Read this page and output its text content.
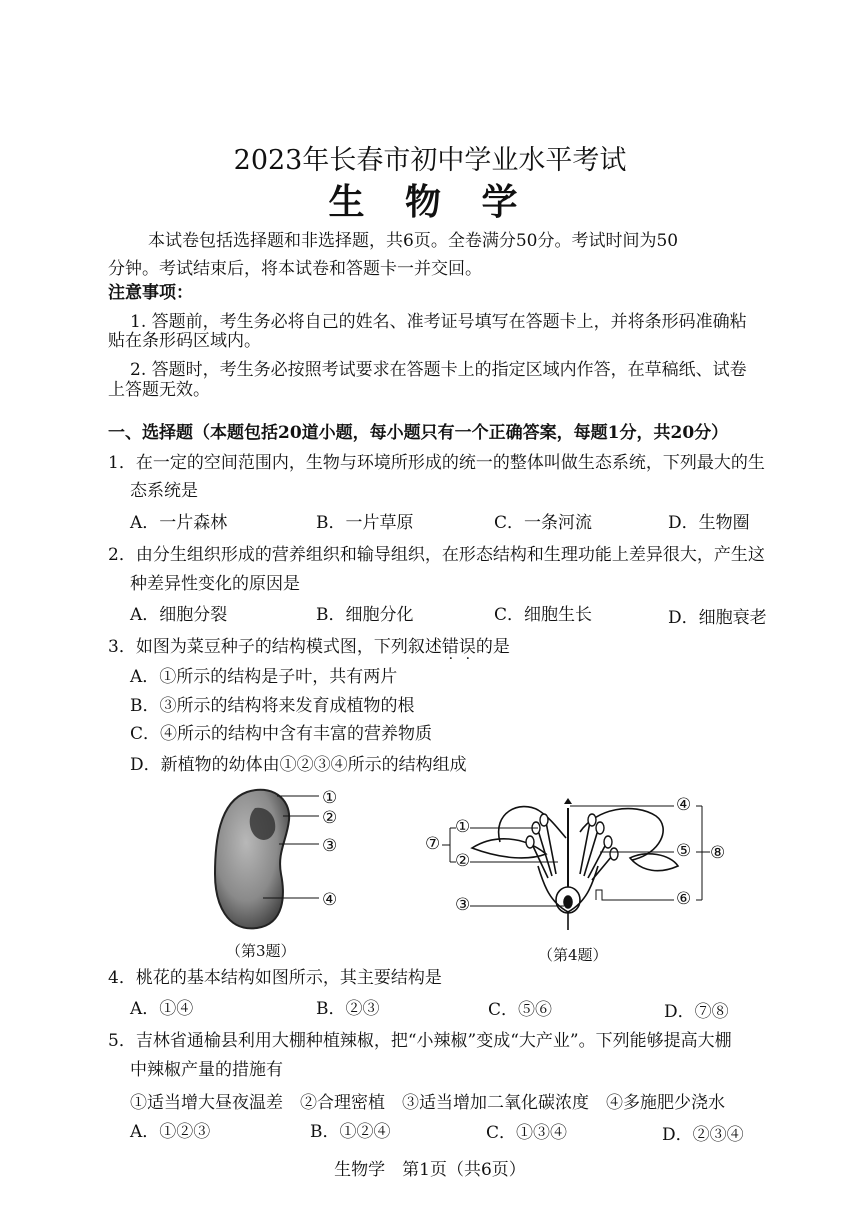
2023年长春市初中学业水平考试
生 物 学
本试卷包括选择题和非选择题，共6页。全卷满分50分。考试时间为50
分钟。考试结束后，将本试卷和答题卡一并交回。
注意事项：
1. 答题前，考生务必将自己的姓名、准考证号填写在答题卡上，并将条形码准确粘
贴在条形码区域内。
2. 答题时，考生务必按照考试要求在答题卡上的指定区域内作答，在草稿纸、试卷
上答题无效。
一、选择题（本题包括20道小题，每小题只有一个正确答案，每题1分，共20分）
1．在一定的空间范围内，生物与环境所形成的统一的整体叫做生态系统，下列最大的生
态系统是
A．一片森林	B．一片草原	C．一条河流	D．生物圈
2．由分生组织形成的营养组织和输导组织，在形态结构和生理功能上差异很大，产生这
种差异性变化的原因是
A．细胞分裂	B．细胞分化	C．细胞生长	D．细胞衰老
3．如图为菜豆种子的结构模式图，下列叙述错误的是
A．①所示的结构是子叶，共有两片
B．③所示的结构将来发育成植物的根
C．④所示的结构中含有丰富的营养物质
D．新植物的幼体由①②③④所示的结构组成
①
②
③
④
（第3题）
①
②
③
④
⑤
⑥
⑦	⑧
（第4题）
4．桃花的基本结构如图所示，其主要结构是
A．①④	B．②③	C．⑤⑥	D．⑦⑧
5．吉林省通榆县利用大棚种植辣椒，把“小辣椒”变成“大产业”。下列能够提高大棚
中辣椒产量的措施有
①适当增大昼夜温差　②合理密植　③适当增加二氧化碳浓度　④多施肥少浇水
A．①②③	B．①②④	C．①③④	D．②③④
生物学　第1页（共6页）
